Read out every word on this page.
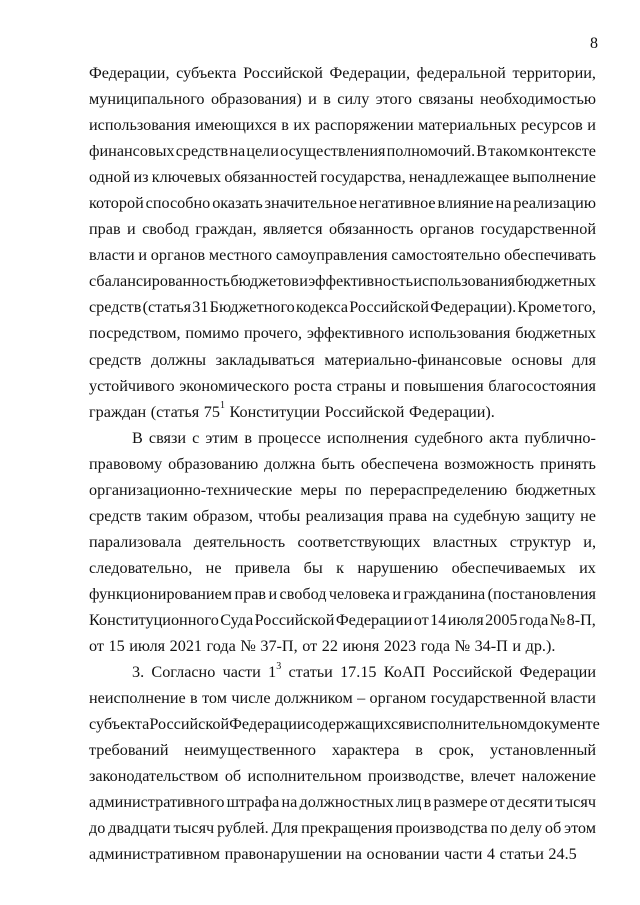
8
Федерации, субъекта Российской Федерации, федеральной территории,
муниципального образования) и в силу этого связаны необходимостью
использования имеющихся в их распоряжении материальных ресурсов и
финансовых средств на цели осуществления полномочий. В таком контексте
одной из ключевых обязанностей государства, ненадлежащее выполнение
которой способно оказать значительное негативное влияние на реализацию
прав и свобод граждан, является обязанность органов государственной
власти и органов местного самоуправления самостоятельно обеспечивать
сбалансированность бюджетов и эффективность использования бюджетных
средств (статья 31 Бюджетного кодекса Российской Федерации). Кроме того,
посредством, помимо прочего, эффективного использования бюджетных
средств должны закладываться материально-финансовые основы для
устойчивого экономического роста страны и повышения благосостояния
граждан (статья $75^1$ Конституции Российской Федерации).
В связи с этим в процессе исполнения судебного акта публично-
правовому образованию должна быть обеспечена возможность принять
организационно-технические меры по перераспределению бюджетных
средств таким образом, чтобы реализация права на судебную защиту не
парализовала деятельность соответствующих властных структур и,
следовательно, не привела бы к нарушению обеспечиваемых их
функционированием прав и свобод человека и гражданина (постановления
Конституционного Суда Российской Федерации от 14 июля 2005 года № 8-П,
от 15 июля 2021 года № 37-П, от 22 июня 2023 года № 34-П и др.).
3. Согласно части $1^3$ статьи 17.15 КоАП Российской Федерации
неисполнение в том числе должником – органом государственной власти
субъекта Российской Федерации содержащихся в исполнительном документе
требований неимущественного характера в срок, установленный
законодательством об исполнительном производстве, влечет наложение
административного штрафа на должностных лиц в размере от десяти тысяч
до двадцати тысяч рублей. Для прекращения производства по делу об этом
административном правонарушении на основании части 4 статьи 24.5
